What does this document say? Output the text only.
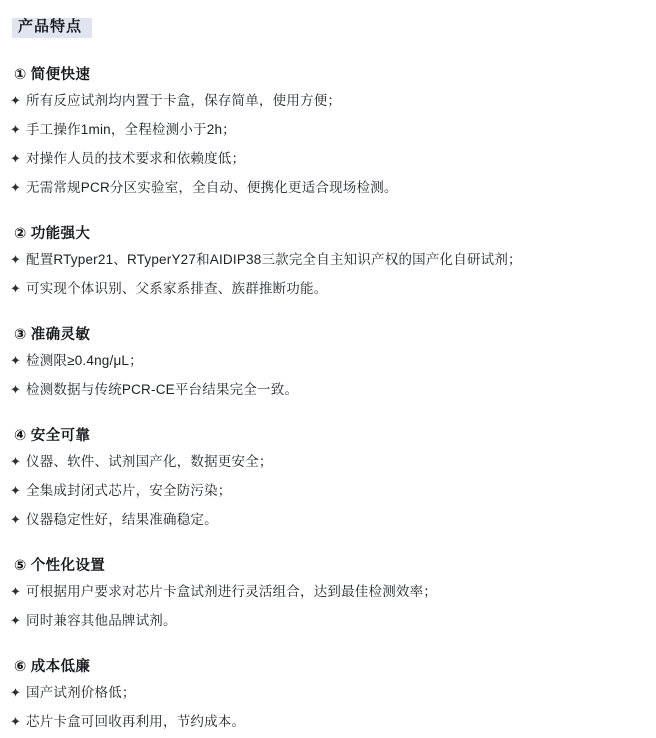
产品特点
① 简便快速
✦ 所有反应试剂均内置于卡盒，保存简单，使用方便；
✦ 手工操作1min，全程检测小于2h；
✦ 对操作人员的技术要求和依赖度低；
✦ 无需常规PCR分区实验室，全自动、便携化更适合现场检测。
② 功能强大
✦ 配置RTyper21、RTyperY27和AIDIP38三款完全自主知识产权的国产化自研试剂；
✦ 可实现个体识别、父系家系排查、族群推断功能。
③ 准确灵敏
✦ 检测限≥0.4ng/μL；
✦ 检测数据与传统PCR-CE平台结果完全一致。
④ 安全可靠
✦ 仪器、软件、试剂国产化，数据更安全；
✦ 全集成封闭式芯片，安全防污染；
✦ 仪器稳定性好，结果准确稳定。
⑤ 个性化设置
✦ 可根据用户要求对芯片卡盒试剂进行灵活组合，达到最佳检测效率；
✦ 同时兼容其他品牌试剂。
⑥ 成本低廉
✦ 国产试剂价格低；
✦ 芯片卡盒可回收再利用，节约成本。
